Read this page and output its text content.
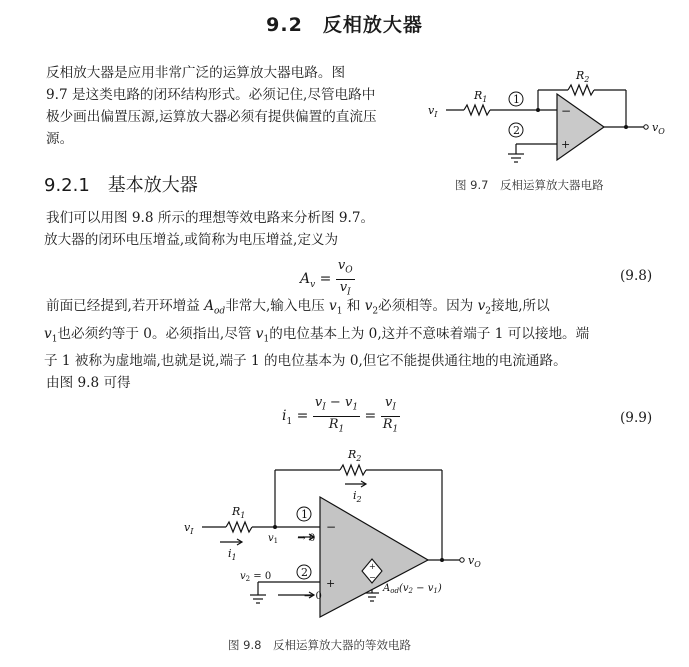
9.2　反相放大器
反相放大器是应用非常广泛的运算放大器电路。图
9.7 是这类电路的闭环结构形式。必须记住,尽管电路中
极少画出偏置压源,运算放大器必须有提供偏置的直流压
源。
1
2
−
+
$R_1$
$R_2$
$v_I$
$v_O$
图 9.7　反相运算放大器电路
9.2.1　基本放大器
我们可以用图 9.8 所示的理想等效电路来分析图 9.7。
放大器的闭环电压增益,或简称为电压增益,定义为
$A_v = \frac{v_O}{v_I}$	(9.8)
前面已经提到,若开环增益 $A_{od}$非常大,输入电压 $v_1$ 和 $v_2$必须相等。因为 $v_2$接地,所以
$v_1$也必须约等于 0。必须指出,尽管 $v_1$的电位基本上为 0,这并不意味着端子 1 可以接地。端
子 1 被称为虚地端,也就是说,端子 1 的电位基本为 0,但它不能提供通往地的电流通路。
由图 9.8 可得
$i_1 = \frac{v_I - v_1}{R_1} = \frac{v_I}{R_1}$	(9.9)
1
2
−
+
+
−
$R_1$
$R_2$
$i_1$
$i_2$
$v_I$
$v_O$
$v_1 \to 0$
$v_2 = 0$
→ 0
$A_{od}(v_2 - v_1)$
图 9.8　反相运算放大器的等效电路
